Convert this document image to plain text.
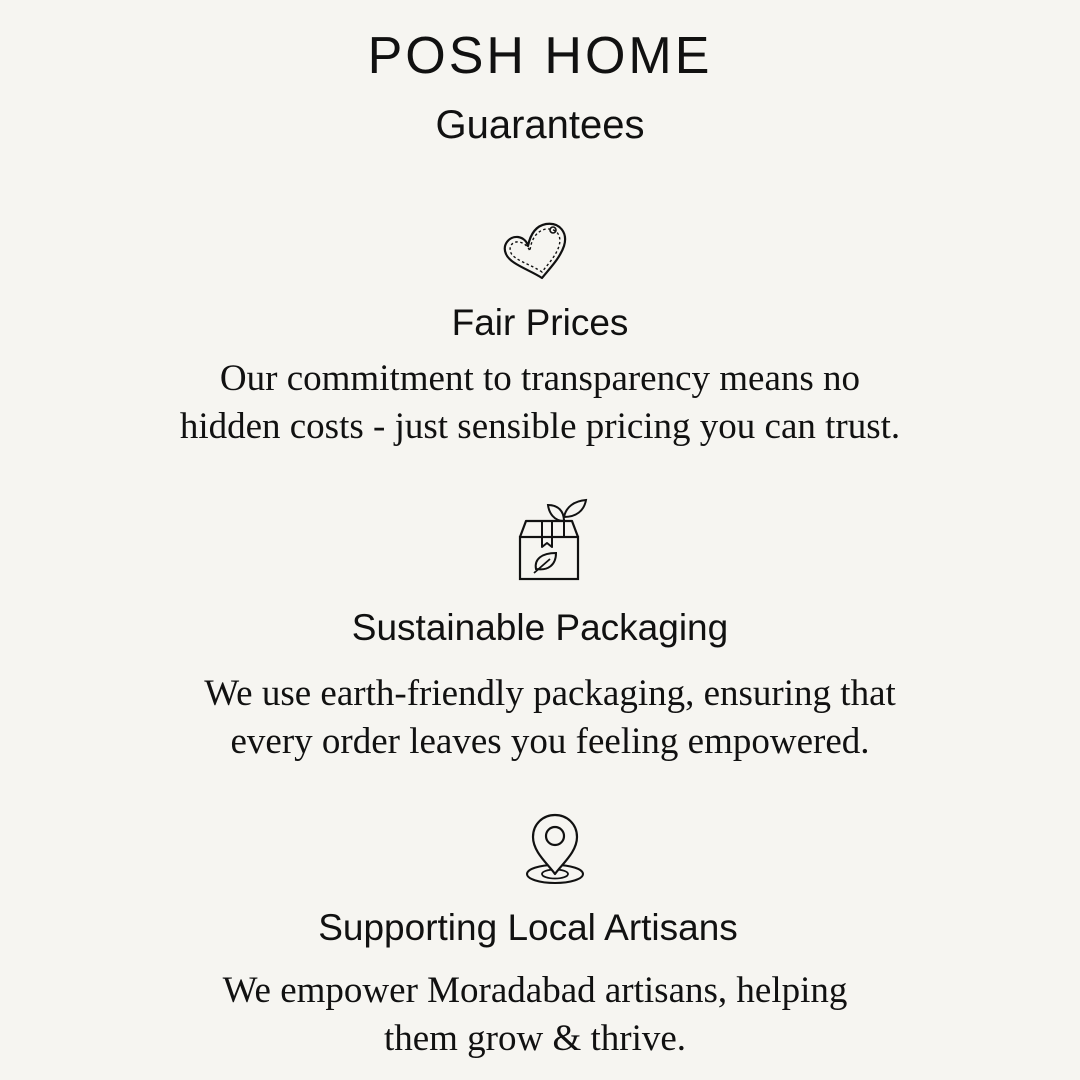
POSH HOME
Guarantees
Fair Prices

Our commitment to transparency means no
hidden costs - just sensible pricing you can trust.

Sustainable Packaging

We use earth-friendly packaging, ensuring that
every order leaves you feeling empowered.

Supporting Local Artisans

We empower Moradabad artisans, helping
them grow & thrive.
